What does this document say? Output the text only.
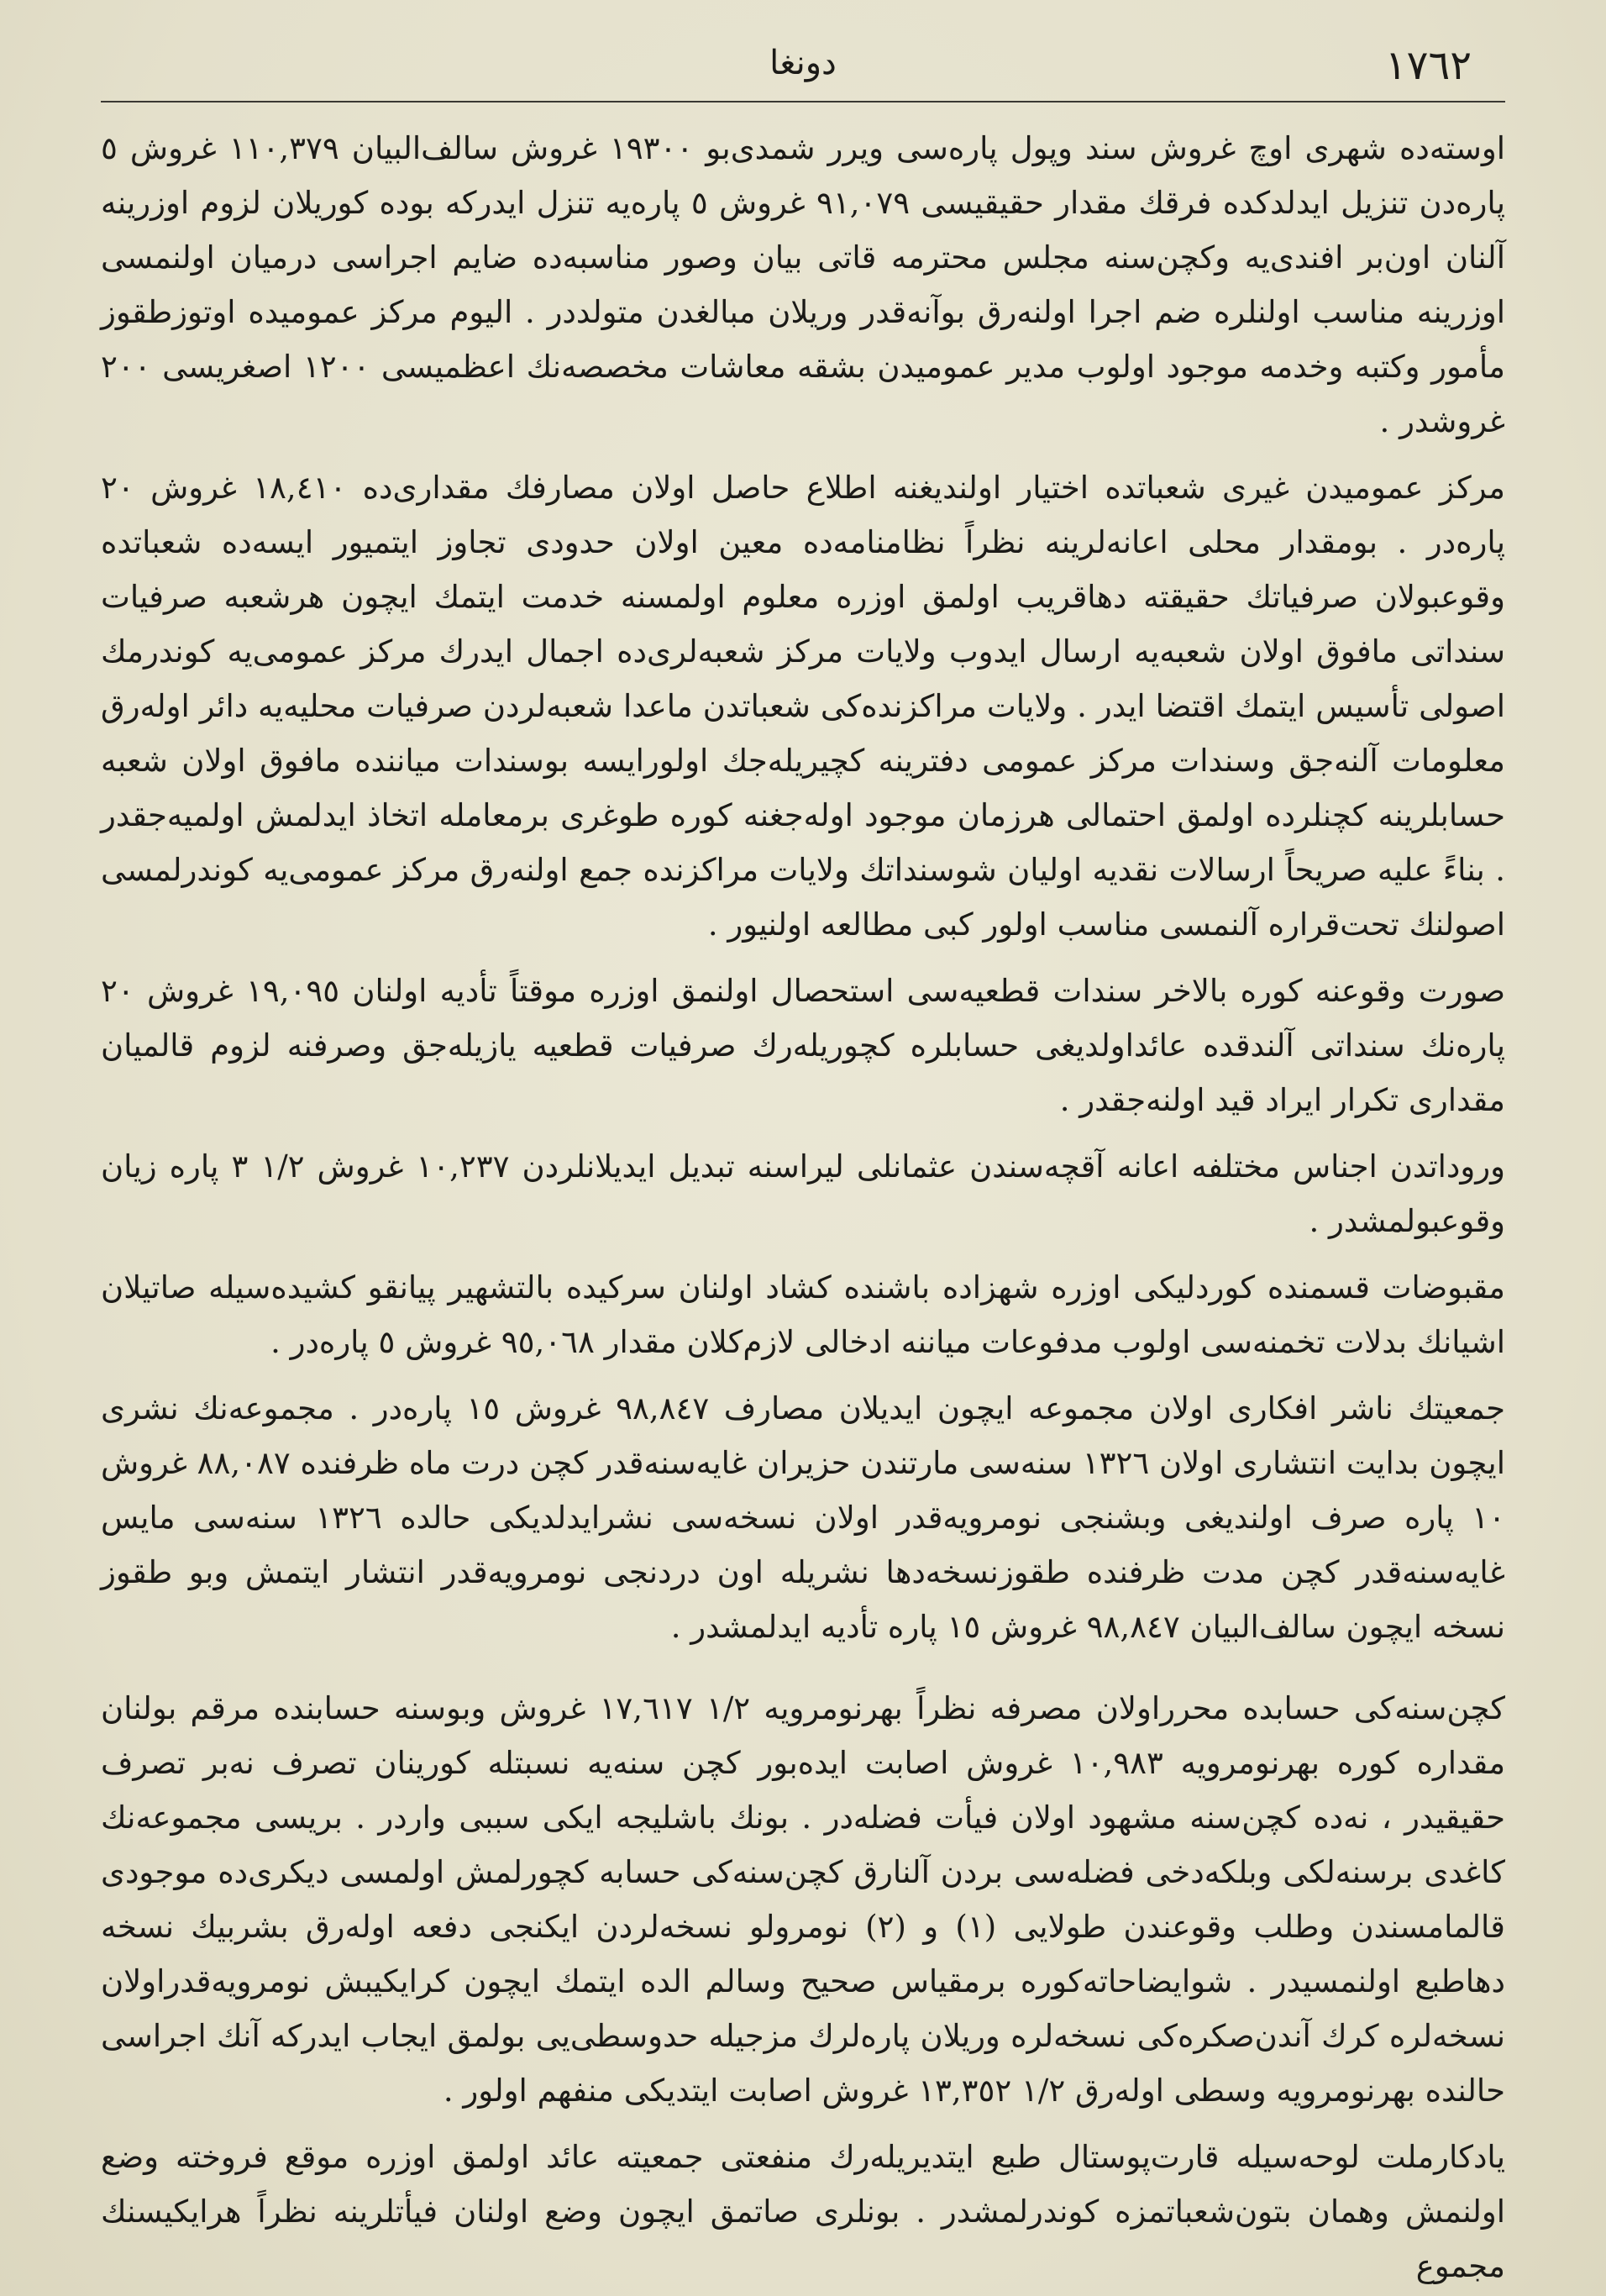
دونغا	١٧٦٢

اوسته‌ده شهری اوچ غروش سند وپول پاره‌سی ویرر شمدی‌بو ۱۹۳۰۰ غروش سالف‌البیان ۱۱۰,۳۷۹ غروش ٥ پاره‌دن تنزیل ایدلدکده فرقك مقدار حقیقیسی ۹۱,۰۷۹ غروش ٥ پاره‌یه تنزل ایدرکه بوده کوریلان لزوم اوزرینه آلنان اون‌بر افندی‌یه وکچن‌سنه مجلس محترمه قاتی بیان وصور مناسبه‌ده ضایم اجراسی درمیان اولنمسی اوزرینه مناسب اولنلره ضم اجرا اولنه‌رق بوآنه‌قدر وریلان مبالغدن متولددر . الیوم مرکز عمومیده اوتوزطقوز مأمور وکتبه وخدمه موجود اولوب مدیر عمومیدن بشقه معاشات مخصصه‌نك اعظمیسی ۱۲۰۰ اصغریسی ۲۰۰ غروشدر .

مرکز عمومیدن غیری شعباتده اختیار اولندیغنه اطلاع حاصل اولان مصارفك مقداری‌ده ۱۸,٤۱۰ غروش ۲۰ پاره‌در . بومقدار محلی اعانه‌لرینه نظراً نظامنامه‌ده معین اولان حدودی تجاوز ایتمیور ایسه‌ده شعباتده وقوعبولان صرفیاتك حقیقته دها‌قریب اولمق اوزره معلوم اولمسنه خدمت ایتمك ایچون هرشعبه صرفیات سنداتی مافوق اولان شعبه‌یه ارسال ایدوب ولایات مرکز شعبه‌لری‌ده اجمال ایدرك مرکز عمومی‌یه کوندرمك اصولی تأسیس ایتمك اقتضا ایدر . ولایات مراکزنده‌کی شعباتدن ماعدا شعبه‌لردن صرفیات محلیه‌یه دائر اوله‌رق معلومات آلنه‌جق وسندات مرکز عمومی دفترینه کچیریله‌جك اولورایسه بوسندات میاننده مافوق اولان شعبه حسابلرینه کچنلرده اولمق احتمالی هرزمان موجود اوله‌جغنه کوره طوغری برمعامله اتخاذ ایدلمش اولمیه‌جقدر . بناءً علیه صریحاً ارسالات نقدیه اولیان شوسنداتك ولایات مراکزنده جمع اولنه‌رق مرکز عمومی‌یه کوندرلمسی اصولنك تحت‌قراره آلنمسی مناسب اولور کبی مطالعه اولنیور .

صورت وقوعنه کوره بالاخر سندات قطعیه‌سی استحصال اولنمق اوزره موقتاً تأدیه اولنان ۱۹,۰۹٥ غروش ۲۰ پاره‌نك سنداتی آلندقده عائداولدیغی حسابلره کچوریله‌رك صرفیات قطعیه یازیله‌جق وصرفنه لزوم قالمیان مقداری تکرار ایراد قید اولنه‌جقدر .

وروداتدن اجناس مختلفه اعانه آقچه‌سندن عثمانلی لیراسنه تبدیل ایدیلانلردن ۱۰,۲۳۷ غروش ۱/۲ ۳ پاره زیان وقوعبولمشدر .

مقبوضات قسمنده کوردلیکی اوزره شهزاده باشنده کشاد اولنان سرکیده بالتشهیر پیانقو کشیده‌سیله صاتیلان اشیانك بدلات تخمنه‌سی اولوب مدفوعات میاننه ادخالی لازم‌کلان مقدار ۹٥,۰٦۸ غروش ٥ پاره‌در .

جمعیتك ناشر افکاری اولان مجموعه ایچون ایدیلان مصارف ۹۸,۸٤۷ غروش ۱٥ پاره‌در . مجموعه‌نك نشری ایچون بدایت انتشاری اولان ۱۳۲٦ سنه‌سی مارتندن حزیران غایه‌سنه‌قدر کچن درت ماه ظرفنده ۸۸,۰۸۷ غروش ۱۰ پاره صرف اولندیغی وبشنجی نومرویه‌قدر اولان نسخه‌سی نشرایدلدیکی حالده ۱۳۲٦ سنه‌سی مایس غایه‌سنه‌قدر کچن مدت ظرفنده طقوزنسخه‌دها نشریله اون دردنجی نومرویه‌قدر انتشار ایتمش وبو طقوز نسخه ایچون سالف‌البیان ۹۸,۸٤۷ غروش ۱٥ پاره تأدیه ایدلمشدر .

کچن‌سنه‌کی حسابده محرراولان مصرفه نظراً بهرنومرویه ۱/۲ ۱۷,٦۱۷ غروش وبوسنه حسابنده مرقم بولنان مقداره کوره بهرنومرویه ۱۰,۹۸۳ غروش اصابت ایده‌بور کچن سنه‌یه نسبتله کورینان تصرف نه‌بر تصرف حقیقیدر ، نه‌ده کچن‌سنه مشهود اولان فیأت فضله‌در . بونك باشلیجه ایکی سببی واردر . بریسی مجموعه‌نك کاغدی برسنه‌لکی وبلکه‌دخی فضله‌سی بردن آلنارق کچن‌سنه‌کی حسابه کچورلمش اولمسی دیکری‌ده موجودی قالمامسندن وطلب وقوعندن طولایی (۱) و (۲) نومرولو نسخه‌لردن ایکنجی دفعه اوله‌رق بشربیك نسخه دهاطبع اولنمسیدر . شوایضاحاته‌کوره برمقیاس صحیح وسالم الده ایتمك ایچون کرایکیبش نومرویه‌قدراولان نسخه‌لره کرك آندن‌صکره‌کی نسخه‌لره وریلان پاره‌لرك مزجیله حدوسطی‌یی بولمق ایجاب ایدرکه آنك اجراسی حالنده بهرنومرویه وسطی اوله‌رق ۱/۲ ۱۳,۳٥۲ غروش اصابت ایتدیکی منفهم اولور .

یادکارملت لوحه‌سیله قارت‌پوستال طبع ایتدیریله‌رك منفعتی جمعیته عائد اولمق اوزره موقع فروخته وضع اولنمش وهمان بتون‌شعباتمزه کوندرلمشدر . بونلری صاتمق ایچون وضع اولنان فیأتلرینه نظراً هرایکیسنك مجموع
